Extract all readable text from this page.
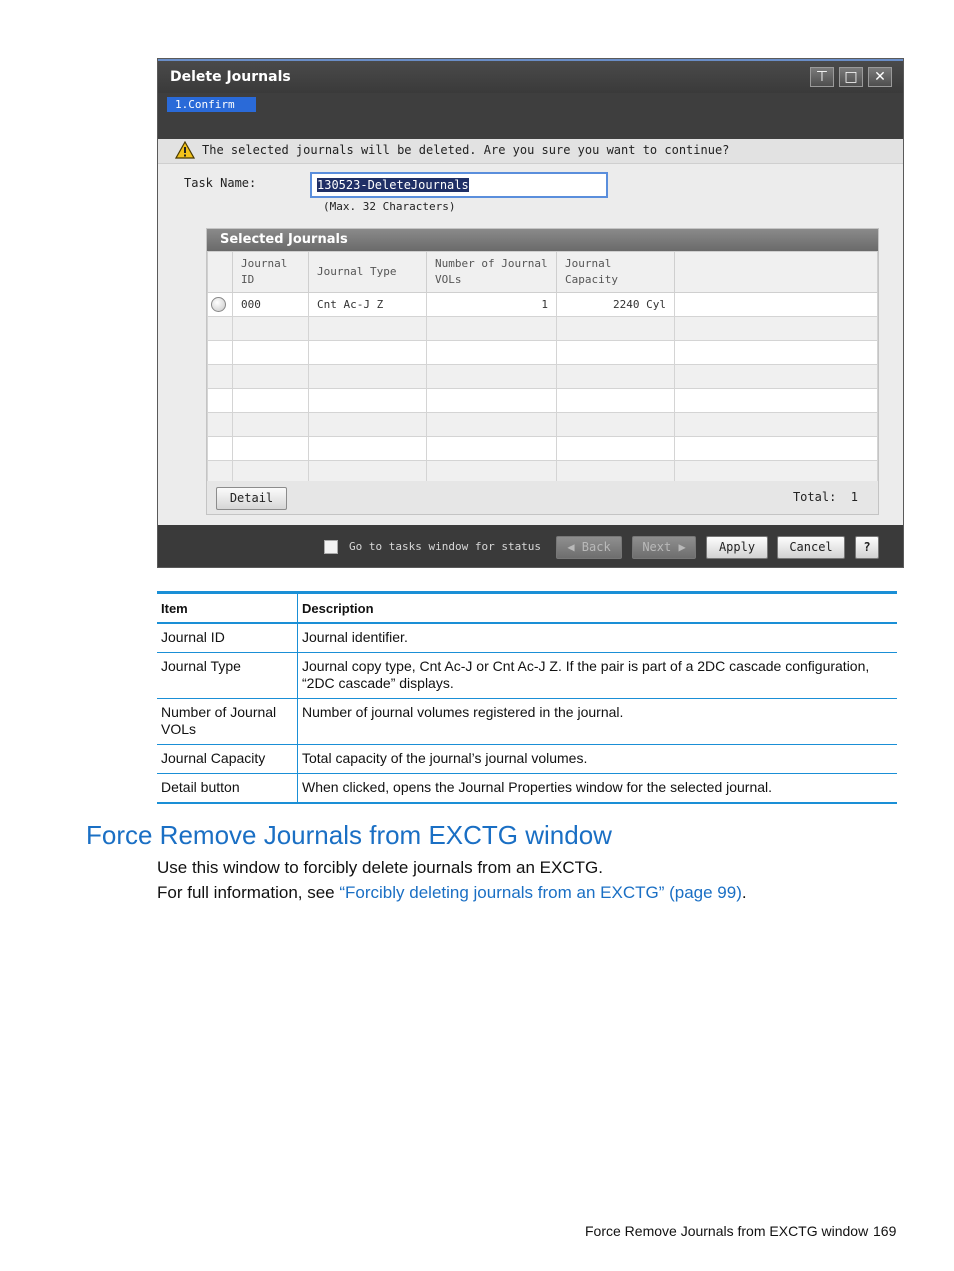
Delete Journals	⊤	□	✕
1.Confirm
The selected journals will be deleted. Are you sure you want to continue?
Task Name:	130523-DeleteJournals
(Max. 32 Characters)
Selected Journals
	Journal ID	Journal Type	Number of Journal VOLs	Journal Capacity	
	000	Cnt Ac-J Z	1	2240 Cyl	

Detail	Total: 1
Go to tasks window for status	◀ Back	Next ▶	Apply	Cancel	?
Item	Description
Journal ID	Journal identifier.
Journal Type	Journal copy type, Cnt Ac-J or Cnt Ac-J Z. If the pair is part of a 2DC cascade configuration, “2DC cascade” displays.
Number of Journal VOLs	Number of journal volumes registered in the journal.
Journal Capacity	Total capacity of the journal’s journal volumes.
Detail button	When clicked, opens the Journal Properties window for the selected journal.
Force Remove Journals from EXCTG window
Use this window to forcibly delete journals from an EXCTG.
For full information, see “Forcibly deleting journals from an EXCTG” (page 99).
Force Remove Journals from EXCTG window 169
